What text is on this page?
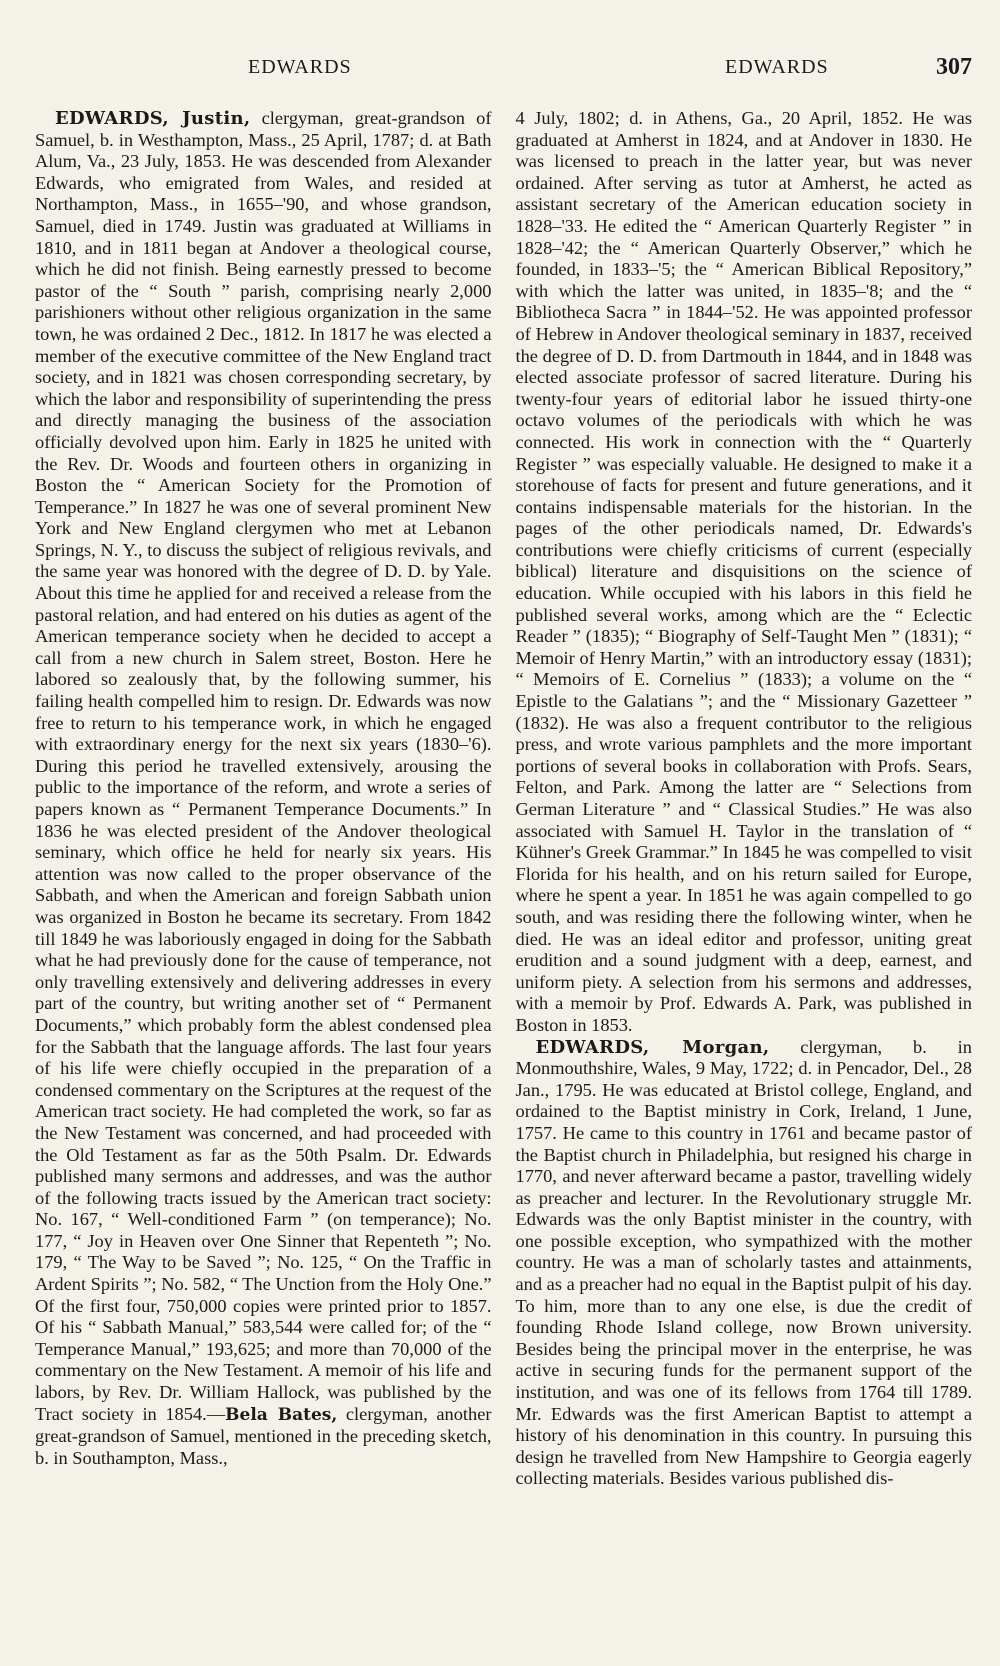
EDWARDS	EDWARDS	307

EDWARDS, Justin, clergyman, great-grandson of Samuel, b. in Westhampton, Mass., 25 April, 1787; d. at Bath Alum, Va., 23 July, 1853. He was descended from Alexander Edwards, who emigrated from Wales, and resided at Northampton, Mass., in 1655–'90, and whose grandson, Samuel, died in 1749. Justin was graduated at Williams in 1810, and in 1811 began at Andover a theological course, which he did not finish. Being earnestly pressed to become pastor of the “ South ” parish, comprising nearly 2,000 parishioners without other religious organization in the same town, he was ordained 2 Dec., 1812. In 1817 he was elected a member of the executive committee of the New England tract society, and in 1821 was chosen corresponding secretary, by which the labor and responsibility of superintending the press and directly managing the business of the association officially devolved upon him. Early in 1825 he united with the Rev. Dr. Woods and fourteen others in organizing in Boston the “ American Society for the Promotion of Temperance.” In 1827 he was one of several prominent New York and New England clergymen who met at Lebanon Springs, N. Y., to discuss the subject of religious revivals, and the same year was honored with the degree of D. D. by Yale. About this time he applied for and received a release from the pastoral relation, and had entered on his duties as agent of the American temperance society when he decided to accept a call from a new church in Salem street, Boston. Here he labored so zealously that, by the following summer, his failing health compelled him to resign. Dr. Edwards was now free to return to his temperance work, in which he engaged with extraordinary energy for the next six years (1830–'6). During this period he travelled extensively, arousing the public to the importance of the reform, and wrote a series of papers known as “ Permanent Temperance Documents.” In 1836 he was elected president of the Andover theological seminary, which office he held for nearly six years. His attention was now called to the proper observance of the Sabbath, and when the American and foreign Sabbath union was organized in Boston he became its secretary. From 1842 till 1849 he was laboriously engaged in doing for the Sabbath what he had previously done for the cause of temperance, not only travelling extensively and delivering addresses in every part of the country, but writing another set of “ Permanent Documents,” which probably form the ablest condensed plea for the Sabbath that the language affords. The last four years of his life were chiefly occupied in the preparation of a condensed commentary on the Scriptures at the request of the American tract society. He had completed the work, so far as the New Testament was concerned, and had proceeded with the Old Testament as far as the 50th Psalm. Dr. Edwards published many sermons and addresses, and was the author of the following tracts issued by the American tract society: No. 167, “ Well-conditioned Farm ” (on temperance); No. 177, “ Joy in Heaven over One Sinner that Repenteth ”; No. 179, “ The Way to be Saved ”; No. 125, “ On the Traffic in Ardent Spirits ”; No. 582, “ The Unction from the Holy One.” Of the first four, 750,000 copies were printed prior to 1857. Of his “ Sabbath Manual,” 583,544 were called for; of the “ Temperance Manual,” 193,625; and more than 70,000 of the commentary on the New Testament. A memoir of his life and labors, by Rev. Dr. William Hallock, was published by the Tract society in 1854.—Bela Bates, clergyman, another great-grandson of Samuel, mentioned in the preceding sketch, b. in Southampton, Mass.,

4 July, 1802; d. in Athens, Ga., 20 April, 1852. He was graduated at Amherst in 1824, and at Andover in 1830. He was licensed to preach in the latter year, but was never ordained. After serving as tutor at Amherst, he acted as assistant secretary of the American education society in 1828–'33. He edited the “ American Quarterly Register ” in 1828–'42; the “ American Quarterly Observer,” which he founded, in 1833–'5; the “ American Biblical Repository,” with which the latter was united, in 1835–'8; and the “ Bibliotheca Sacra ” in 1844–'52. He was appointed professor of Hebrew in Andover theological seminary in 1837, received the degree of D. D. from Dartmouth in 1844, and in 1848 was elected associate professor of sacred literature. During his twenty-four years of editorial labor he issued thirty-one octavo volumes of the periodicals with which he was connected. His work in connection with the “ Quarterly Register ” was especially valuable. He designed to make it a storehouse of facts for present and future generations, and it contains indispensable materials for the historian. In the pages of the other periodicals named, Dr. Edwards's contributions were chiefly criticisms of current (especially biblical) literature and disquisitions on the science of education. While occupied with his labors in this field he published several works, among which are the “ Eclectic Reader ” (1835); “ Biography of Self-Taught Men ” (1831); “ Memoir of Henry Martin,” with an introductory essay (1831); “ Memoirs of E. Cornelius ” (1833); a volume on the “ Epistle to the Galatians ”; and the “ Missionary Gazetteer ” (1832). He was also a frequent contributor to the religious press, and wrote various pamphlets and the more important portions of several books in collaboration with Profs. Sears, Felton, and Park. Among the latter are “ Selections from German Literature ” and “ Classical Studies.” He was also associated with Samuel H. Taylor in the translation of “ Kühner's Greek Grammar.” In 1845 he was compelled to visit Florida for his health, and on his return sailed for Europe, where he spent a year. In 1851 he was again compelled to go south, and was residing there the following winter, when he died. He was an ideal editor and professor, uniting great erudition and a sound judgment with a deep, earnest, and uniform piety. A selection from his sermons and addresses, with a memoir by Prof. Edwards A. Park, was published in Boston in 1853.

EDWARDS, Morgan, clergyman, b. in Monmouthshire, Wales, 9 May, 1722; d. in Pencador, Del., 28 Jan., 1795. He was educated at Bristol college, England, and ordained to the Baptist ministry in Cork, Ireland, 1 June, 1757. He came to this country in 1761 and became pastor of the Baptist church in Philadelphia, but resigned his charge in 1770, and never afterward became a pastor, travelling widely as preacher and lecturer. In the Revolutionary struggle Mr. Edwards was the only Baptist minister in the country, with one possible exception, who sympathized with the mother country. He was a man of scholarly tastes and attainments, and as a preacher had no equal in the Baptist pulpit of his day. To him, more than to any one else, is due the credit of founding Rhode Island college, now Brown university. Besides being the principal mover in the enterprise, he was active in securing funds for the permanent support of the institution, and was one of its fellows from 1764 till 1789. Mr. Edwards was the first American Baptist to attempt a history of his denomination in this country. In pursuing this design he travelled from New Hampshire to Georgia eagerly collecting materials. Besides various published dis-
